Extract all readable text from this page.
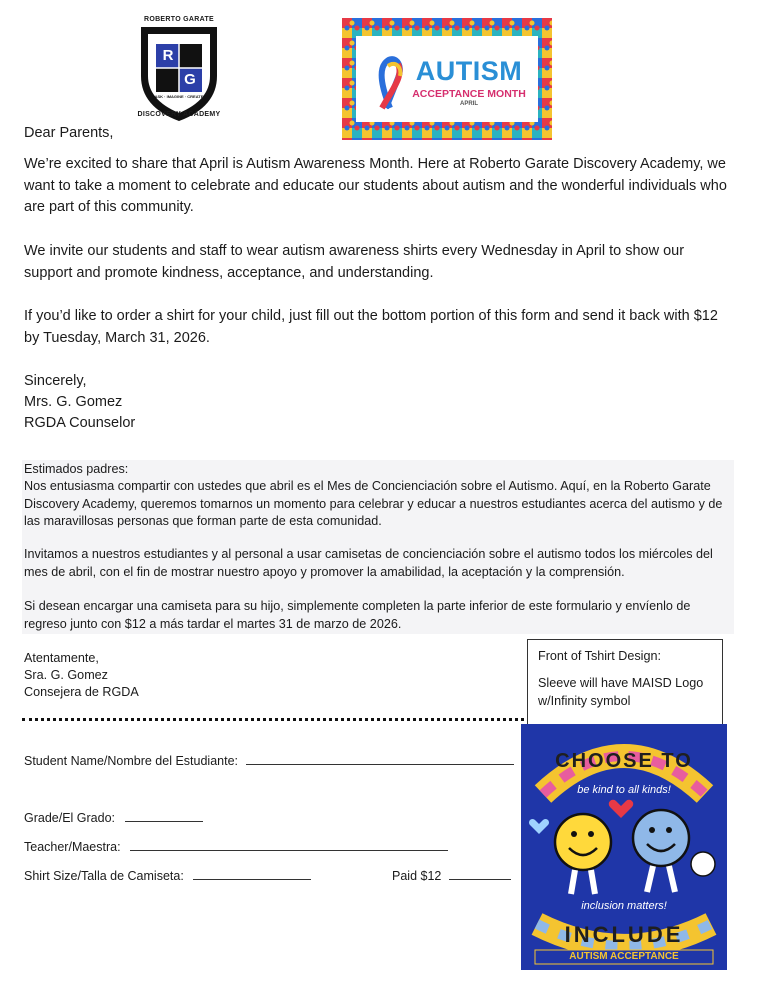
ROBERTO GARATE
R
G
ASK · IMAGINE · CREATE
DISCOVERY ACADEMY
AUTISM
ACCEPTANCE MONTH
APRIL

Dear Parents,

We’re excited to share that April is Autism Awareness Month. Here at Roberto Garate Discovery Academy, we want to take a moment to celebrate and educate our students about autism and the wonderful individuals who are part of this community.

We invite our students and staff to wear autism awareness shirts every Wednesday in April to show our support and promote kindness, acceptance, and understanding.

If you’d like to order a shirt for your child, just fill out the bottom portion of this form and send it back with $12 by Tuesday, March 31, 2026.

Sincerely,

Mrs. G. Gomez

RGDA Counselor

Estimados padres:

Nos entusiasma compartir con ustedes que abril es el Mes de Concienciación sobre el Autismo. Aquí, en la Roberto Garate Discovery Academy, queremos tomarnos un momento para celebrar y educar a nuestros estudiantes acerca del autismo y de las maravillosas personas que forman parte de esta comunidad.

Invitamos a nuestros estudiantes y al personal a usar camisetas de concienciación sobre el autismo todos los miércoles del mes de abril, con el fin de mostrar nuestro apoyo y promover la amabilidad, la aceptación y la comprensión.

Si desean encargar una camiseta para su hijo, simplemente completen la parte inferior de este formulario y envíenlo de regreso junto con $12 a más tardar el martes 31 de marzo de 2026.

Atentamente,

Sra. G. Gomez

Consejera de RGDA

Front of Tshirt Design:
Sleeve will have MAISD Logo w/Infinity symbol
Student Name/Nombre del Estudiante:
Grade/El Grado:
Teacher/Maestra:
Shirt Size/Talla de Camiseta:	Paid $12
CHOOSE TO
be kind to all kinds!
inclusion matters!
INCLUDE
AUTISM ACCEPTANCE
